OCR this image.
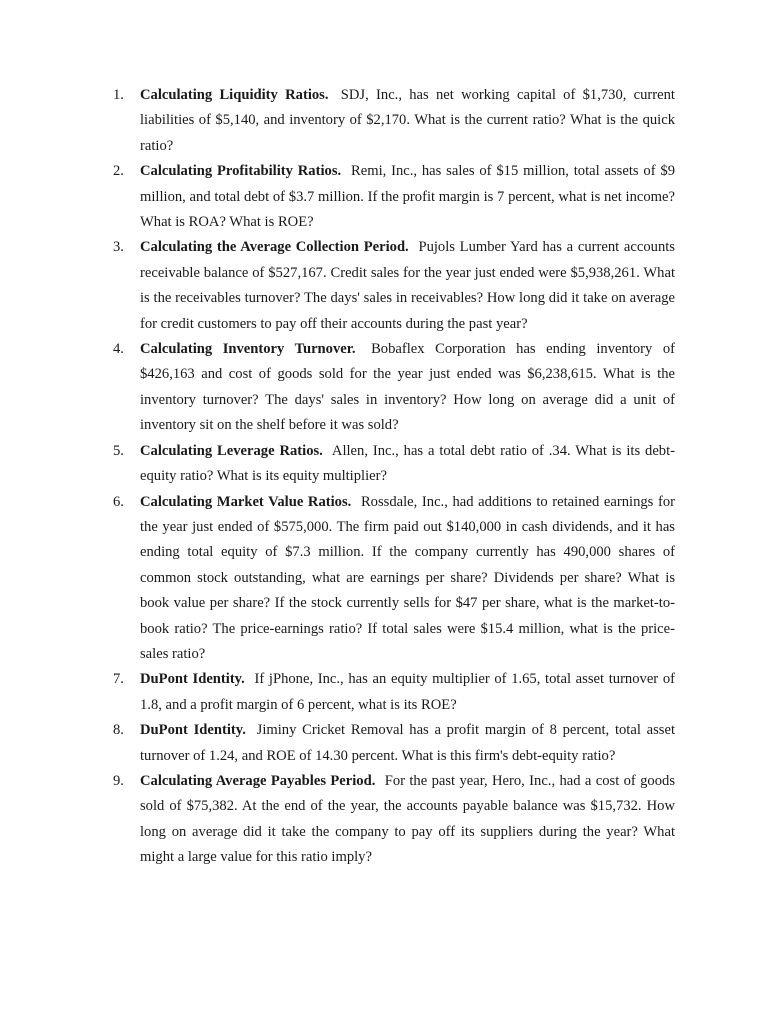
1.	Calculating Liquidity Ratios. SDJ, Inc., has net working capital of $1,730, current liabilities of $5,140, and inventory of $2,170. What is the current ratio? What is the quick ratio?
2.	Calculating Profitability Ratios. Remi, Inc., has sales of $15 million, total assets of $9 million, and total debt of $3.7 million. If the profit margin is 7 percent, what is net income? What is ROA? What is ROE?
3.	Calculating the Average Collection Period. Pujols Lumber Yard has a current accounts receivable balance of $527,167. Credit sales for the year just ended were $5,938,261. What is the receivables turnover? The days' sales in receivables? How long did it take on average for credit customers to pay off their accounts during the past year?
4.	Calculating Inventory Turnover. Bobaflex Corporation has ending inventory of $426,163 and cost of goods sold for the year just ended was $6,238,615. What is the inventory turnover? The days' sales in inventory? How long on average did a unit of inventory sit on the shelf before it was sold?
5.	Calculating Leverage Ratios. Allen, Inc., has a total debt ratio of .34. What is its debt-equity ratio? What is its equity multiplier?
6.	Calculating Market Value Ratios. Rossdale, Inc., had additions to retained earnings for the year just ended of $575,000. The firm paid out $140,000 in cash dividends, and it has ending total equity of $7.3 million. If the company currently has 490,000 shares of common stock outstanding, what are earnings per share? Dividends per share? What is book value per share? If the stock currently sells for $47 per share, what is the market-to-book ratio? The price-earnings ratio? If total sales were $15.4 million, what is the price-sales ratio?
7.	DuPont Identity. If jPhone, Inc., has an equity multiplier of 1.65, total asset turnover of 1.8, and a profit margin of 6 percent, what is its ROE?
8.	DuPont Identity. Jiminy Cricket Removal has a profit margin of 8 percent, total asset turnover of 1.24, and ROE of 14.30 percent. What is this firm's debt-equity ratio?
9.	Calculating Average Payables Period. For the past year, Hero, Inc., had a cost of goods sold of $75,382. At the end of the year, the accounts payable balance was $15,732. How long on average did it take the company to pay off its suppliers during the year? What might a large value for this ratio imply?
